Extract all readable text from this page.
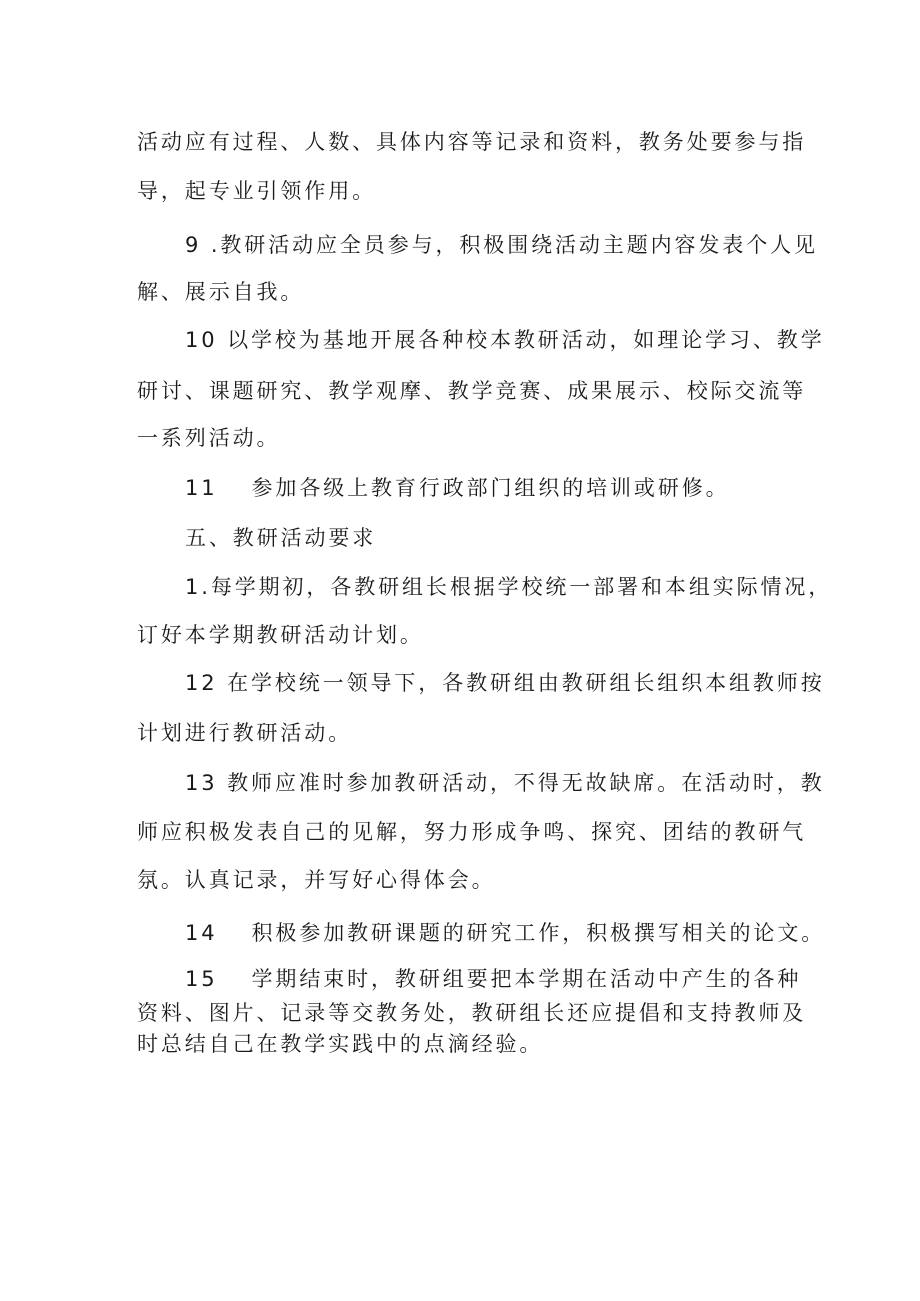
活动应有过程、人数、具体内容等记录和资料，教务处要参与指

导，起专业引领作用。

9 .教研活动应全员参与，积极围绕活动主题内容发表个人见

解、展示自我。

10 以学校为基地开展各种校本教研活动，如理论学习、教学

研讨、课题研究、教学观摩、教学竞赛、成果展示、校际交流等

一系列活动。

11 参加各级上教育行政部门组织的培训或研修。

五、教研活动要求

1.每学期初，各教研组长根据学校统一部署和本组实际情况，

订好本学期教研活动计划。

12 在学校统一领导下，各教研组由教研组长组织本组教师按

计划进行教研活动。

13 教师应准时参加教研活动，不得无故缺席。在活动时，教

师应积极发表自己的见解，努力形成争鸣、探究、团结的教研气

氛。认真记录，并写好心得体会。

14 积极参加教研课题的研究工作，积极撰写相关的论文。

15 学期结束时，教研组要把本学期在活动中产生的各种

资料、图片、记录等交教务处，教研组长还应提倡和支持教师及

时总结自己在教学实践中的点滴经验。
